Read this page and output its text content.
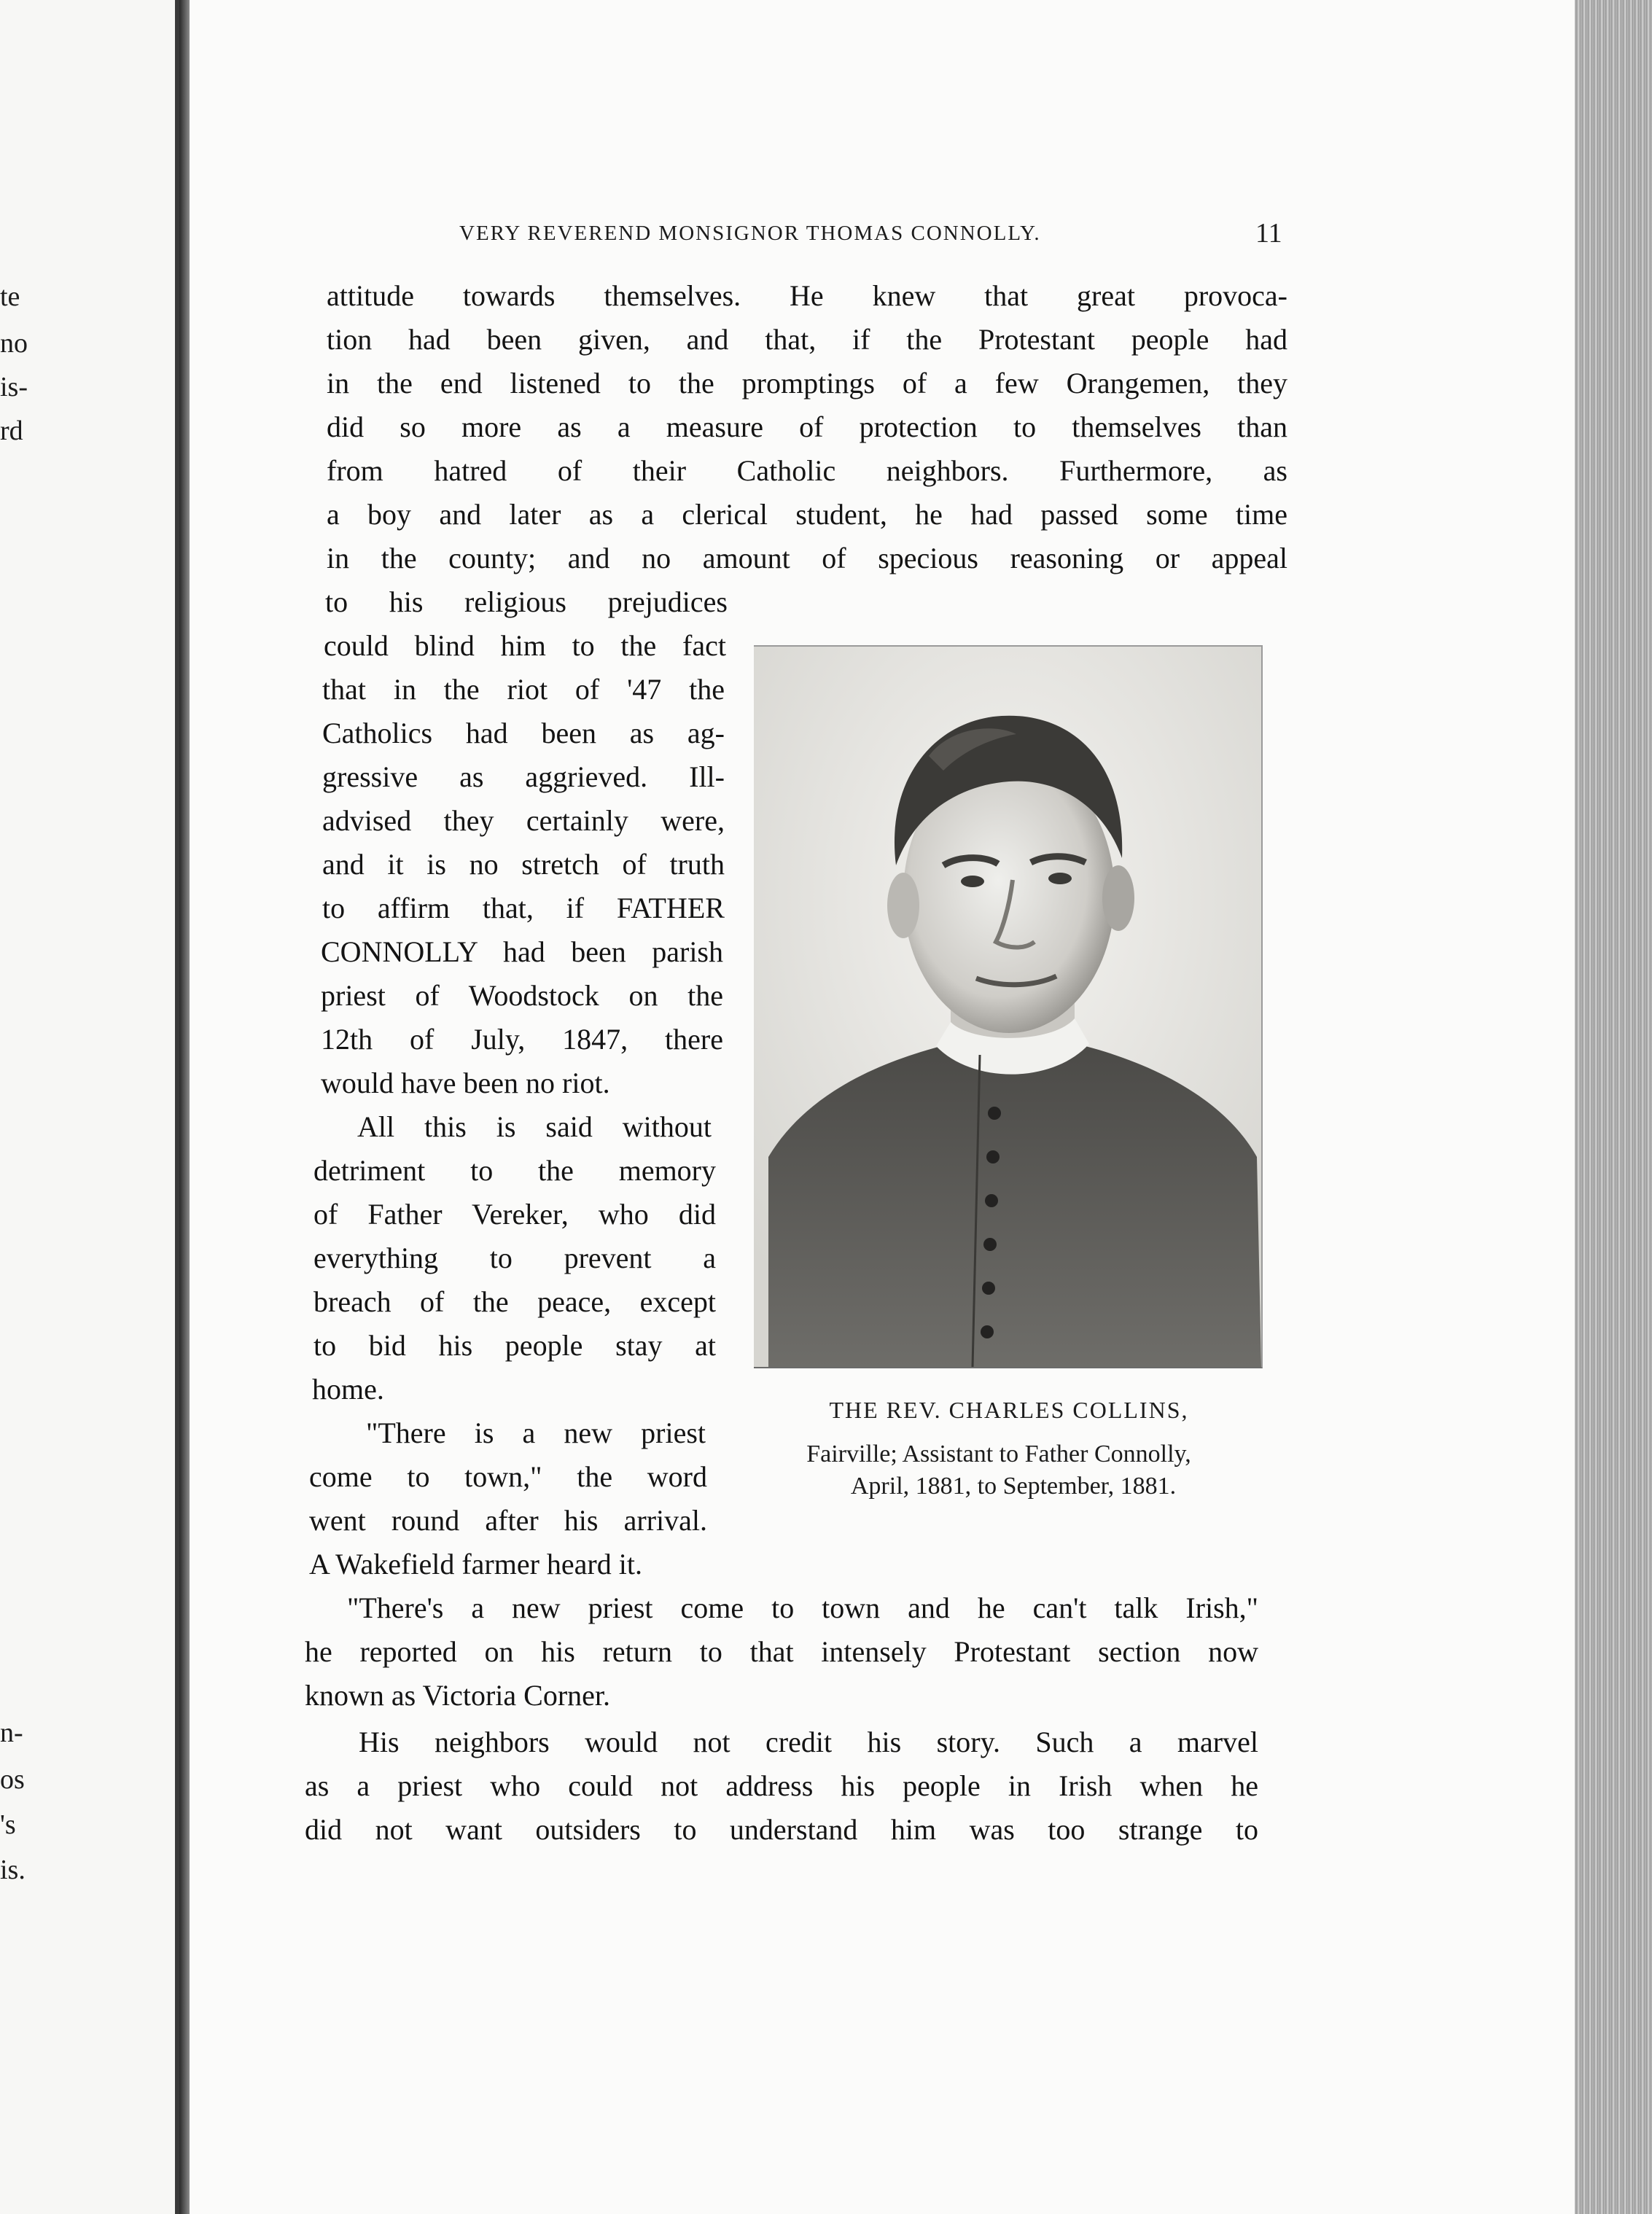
te
no
is-
rd
n-
os
's
is.
VERY REVEREND MONSIGNOR THOMAS CONNOLLY.	11
attitude towards themselves. He knew that great provoca-
tion had been given, and that, if the Protestant people had
in the end listened to the promptings of a few Orangemen, they
did so more as a measure of protection to themselves than
from hatred of their Catholic neighbors. Furthermore, as
a boy and later as a clerical student, he had passed some time
in the county; and no amount of specious reasoning or appeal
to his religious prejudices
could blind him to the fact
that in the riot of '47 the
Catholics had been as ag-
gressive as aggrieved. Ill-
advised they certainly were,
and it is no stretch of truth
to affirm that, if FATHER
CONNOLLY had been parish
priest of Woodstock on the
12th of July, 1847, there
would have been no riot.
All this is said without
detriment to the memory
of Father Vereker, who did
everything to prevent a
breach of the peace, except
to bid his people stay at
home.
"There is a new priest
come to town," the word
went round after his arrival.
A Wakefield farmer heard it.
THE REV. CHARLES COLLINS,
Fairville; Assistant to Father Connolly,
April, 1881, to September, 1881.
"There's a new priest come to town and he can't talk Irish,"
he reported on his return to that intensely Protestant section now
known as Victoria Corner.
His neighbors would not credit his story. Such a marvel
as a priest who could not address his people in Irish when he
did not want outsiders to understand him was too strange to
